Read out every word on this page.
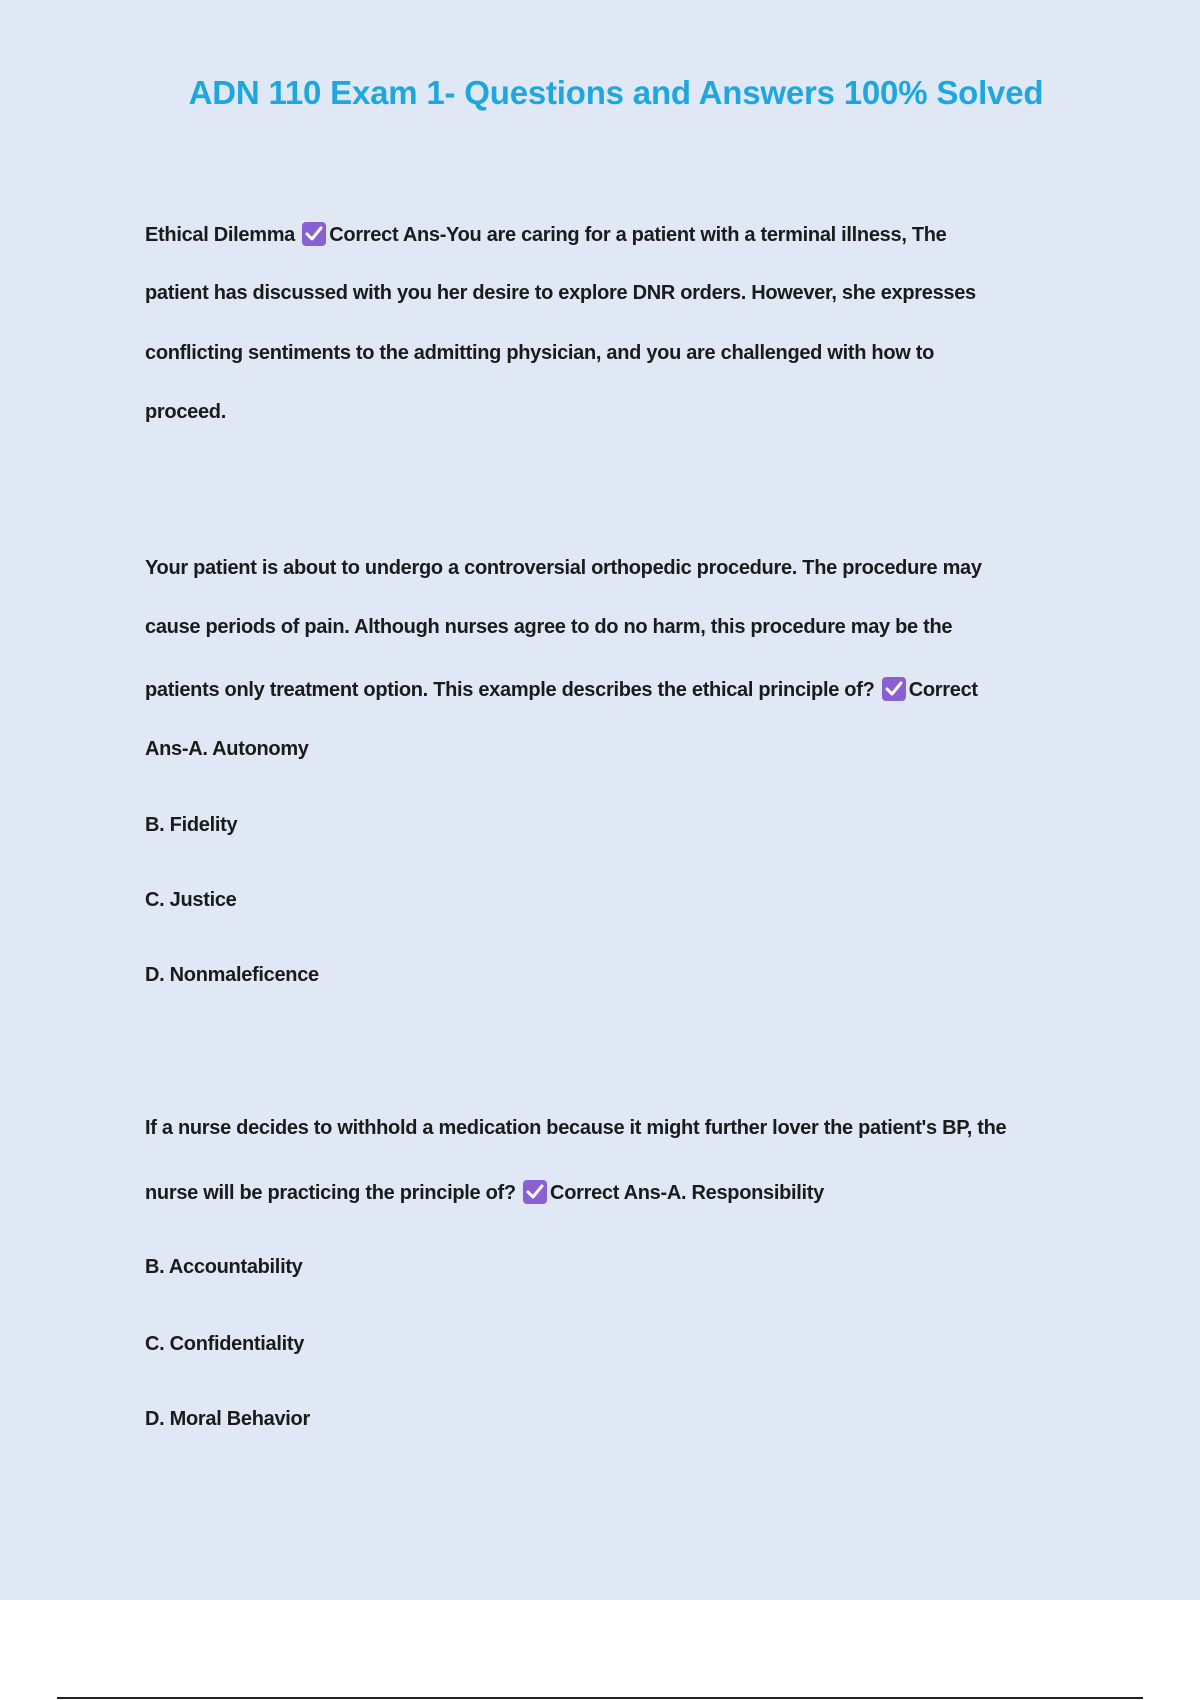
ADN 110 Exam 1- Questions and Answers 100% Solved
Ethical Dilemma
Correct Ans-You are caring for a patient with a terminal illness, The
patient has discussed with you her desire to explore DNR orders. However, she expresses
conflicting sentiments to the admitting physician, and you are challenged with how to
proceed.
Your patient is about to undergo a controversial orthopedic procedure. The procedure may
cause periods of pain. Although nurses agree to do no harm, this procedure may be the
patients only treatment option. This example describes the ethical principle of?
Correct
Ans-A. Autonomy
B. Fidelity
C. Justice
D. Nonmaleficence
If a nurse decides to withhold a medication because it might further lover the patient's BP, the
nurse will be practicing the principle of?
Correct Ans-A. Responsibility
B. Accountability
C. Confidentiality
D. Moral Behavior
